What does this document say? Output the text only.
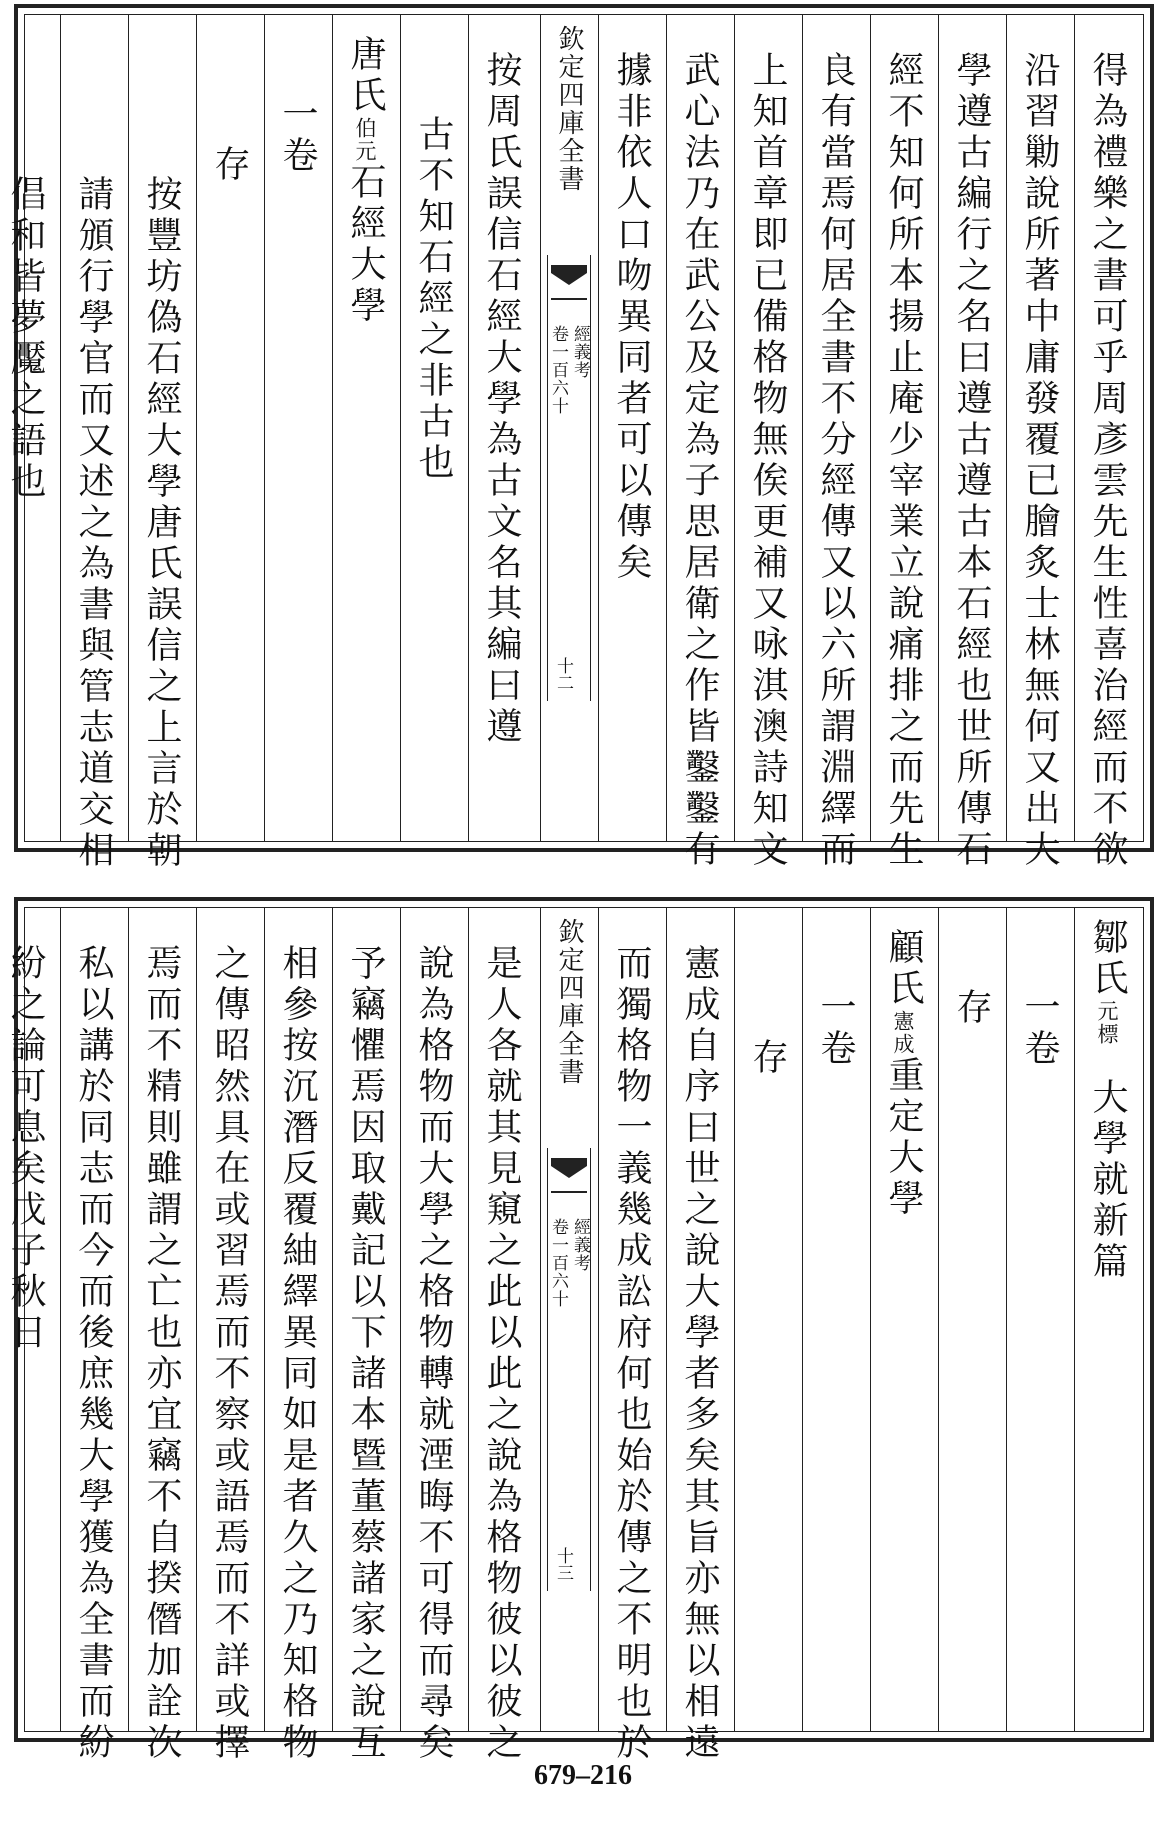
得為禮樂之書可乎周彥雲先生性喜治經而不欲
沿習勦說所著中庸發覆已膾炙士林無何又出大
學遵古編行之名曰遵古遵古本石經也世所傳石
經不知何所本揚止庵少宰業立說痛排之而先生
良有當焉何居全書不分經傳又以六所謂淵繹而
上知首章即已備格物無俟更補又咏淇澳詩知文
武心法乃在武公及定為子思居衛之作皆鑿鑿有
據非依人口吻異同者可以傳矣
欽定四庫全書
經義考
卷一百六十
十二
按周氏誤信石經大學為古文名其編曰遵
古不知石經之非古也
唐氏伯元石經大學
一卷
存
按豐坊偽石經大學唐氏誤信之上言於朝
請頒行學官而又述之為書與管志道交相
倡和皆夢魘之語也
鄒氏元標
大學就新篇
一卷
存
顧氏憲成重定大學
一卷
存
憲成自序曰世之說大學者多矣其旨亦無以相遠
而獨格物一義幾成訟府何也始於傳之不明也於
欽定四庫全書
經義考
卷一百六十
十三
是人各就其見窺之此以此之說為格物彼以彼之
說為格物而大學之格物轉就湮晦不可得而尋矣
予竊懼焉因取戴記以下諸本暨董蔡諸家之說互
相參按沉潛反覆紬繹異同如是者久之乃知格物
之傳昭然具在或習焉而不察或語焉而不詳或擇
焉而不精則雖謂之亡也亦宜竊不自揆僭加詮次
私以講於同志而今而後庶幾大學獲為全書而紛
紛之論可息矣戊子秋日
679–216
